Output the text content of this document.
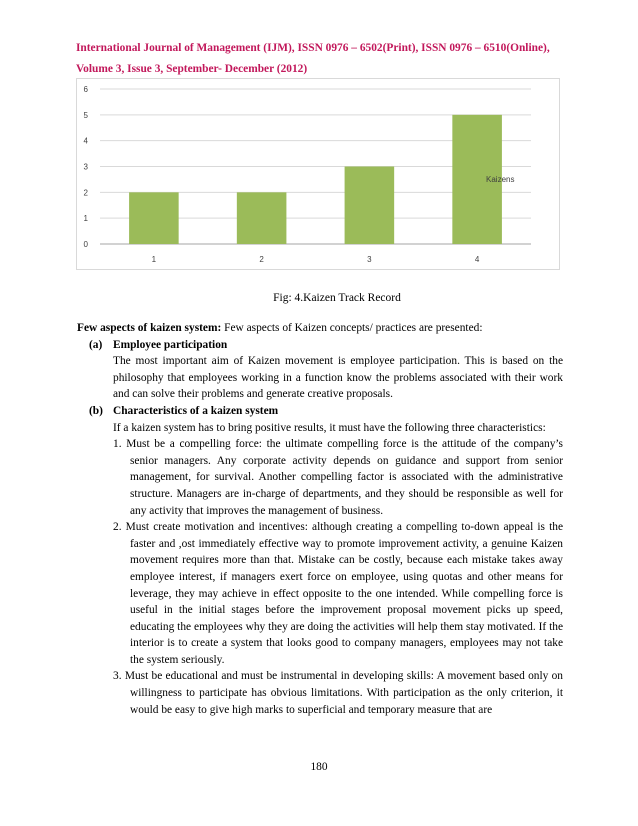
International Journal of Management (IJM), ISSN 0976 – 6502(Print), ISSN 0976 – 6510(Online),
Volume 3, Issue 3, September- December (2012)
0
1
2
3
4
5
6
1	2	3	4
Kaizens
Fig: 4.Kaizen Track Record

Few aspects of kaizen system: Few aspects of Kaizen concepts/ practices are presented:

(a) Employee participation

The most important aim of Kaizen movement is employee participation. This is based on the philosophy that employees working in a function know the problems associated with their work and can solve their problems and generate creative proposals.

(b) Characteristics of a kaizen system

If a kaizen system has to bring positive results, it must have the following three characteristics:

1. Must be a compelling force: the ultimate compelling force is the attitude of the company’s senior managers. Any corporate activity depends on guidance and support from senior management, for survival. Another compelling factor is associated with the administrative structure. Managers are in-charge of departments, and they should be responsible as well for any activity that improves the management of business.

2. Must create motivation and incentives: although creating a compelling to-down appeal is the faster and ,ost immediately effective way to promote improvement activity, a genuine Kaizen movement requires more than that. Mistake can be costly, because each mistake takes away employee interest, if managers exert force on employee, using quotas and other means for leverage, they may achieve in effect opposite to the one intended. While compelling force is useful in the initial stages before the improvement proposal movement picks up speed, educating the employees why they are doing the activities will help them stay motivated. If the interior is to create a system that looks good to company managers, employees may not take the system seriously.

3. Must be educational and must be instrumental in developing skills: A movement based only on willingness to participate has obvious limitations. With participation as the only criterion, it would be easy to give high marks to superficial and temporary measure that are

180
